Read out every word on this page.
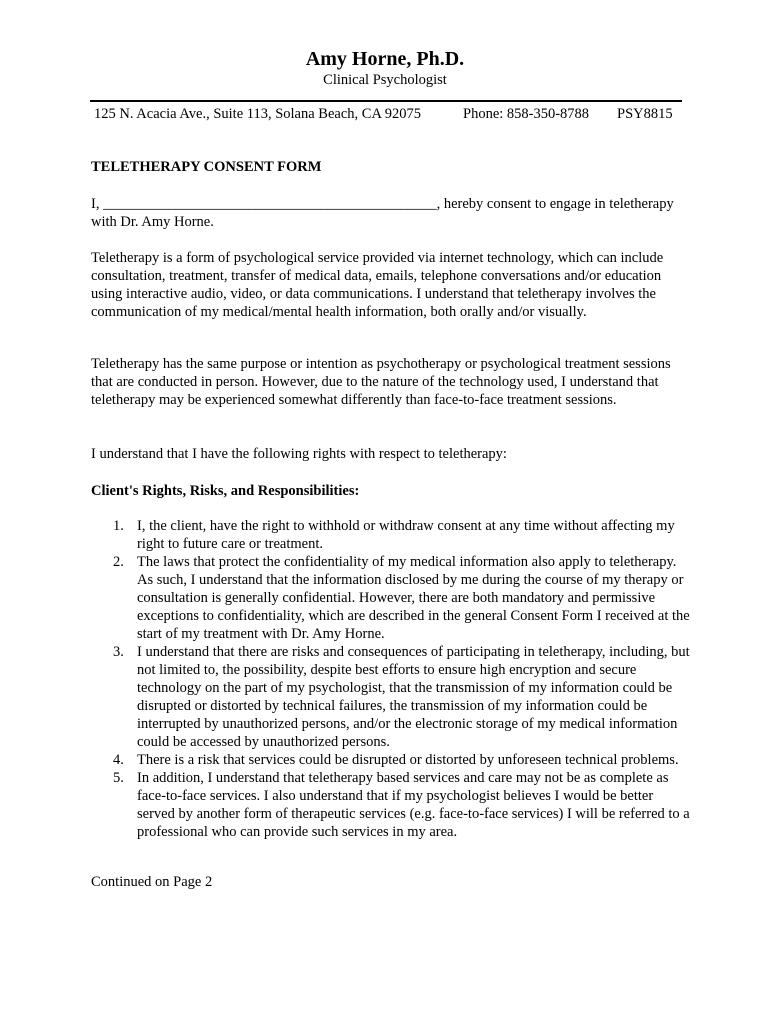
Amy Horne, Ph.D.
Clinical Psychologist
125 N. Acacia Ave., Suite 113, Solana Beach, CA 92075	Phone: 858-350-8788 PSY8815

TELETHERAPY CONSENT FORM

I, ______________________________________________, hereby consent to engage in teletherapy with Dr. Amy Horne.

Teletherapy is a form of psychological service provided via internet technology, which can include consultation, treatment, transfer of medical data, emails, telephone conversations and/or education using interactive audio, video, or data communications. I understand that teletherapy involves the communication of my medical/mental health information, both orally and/or visually.

Teletherapy has the same purpose or intention as psychotherapy or psychological treatment sessions that are conducted in person. However, due to the nature of the technology used, I understand that teletherapy may be experienced somewhat differently than face-to-face treatment sessions.

I understand that I have the following rights with respect to teletherapy:

Client's Rights, Risks, and Responsibilities:

1. I, the client, have the right to withhold or withdraw consent at any time without affecting my right to future care or treatment.
2. The laws that protect the confidentiality of my medical information also apply to teletherapy. As such, I understand that the information disclosed by me during the course of my therapy or consultation is generally confidential. However, there are both mandatory and permissive exceptions to confidentiality, which are described in the general Consent Form I received at the start of my treatment with Dr. Amy Horne.
3. I understand that there are risks and consequences of participating in teletherapy, including, but not limited to, the possibility, despite best efforts to ensure high encryption and secure technology on the part of my psychologist, that the transmission of my information could be disrupted or distorted by technical failures, the transmission of my information could be interrupted by unauthorized persons, and/or the electronic storage of my medical information could be accessed by unauthorized persons.
4. There is a risk that services could be disrupted or distorted by unforeseen technical problems.
5. In addition, I understand that teletherapy based services and care may not be as complete as face-to-face services. I also understand that if my psychologist believes I would be better served by another form of therapeutic services (e.g. face-to-face services) I will be referred to a professional who can provide such services in my area.

Continued on Page 2
